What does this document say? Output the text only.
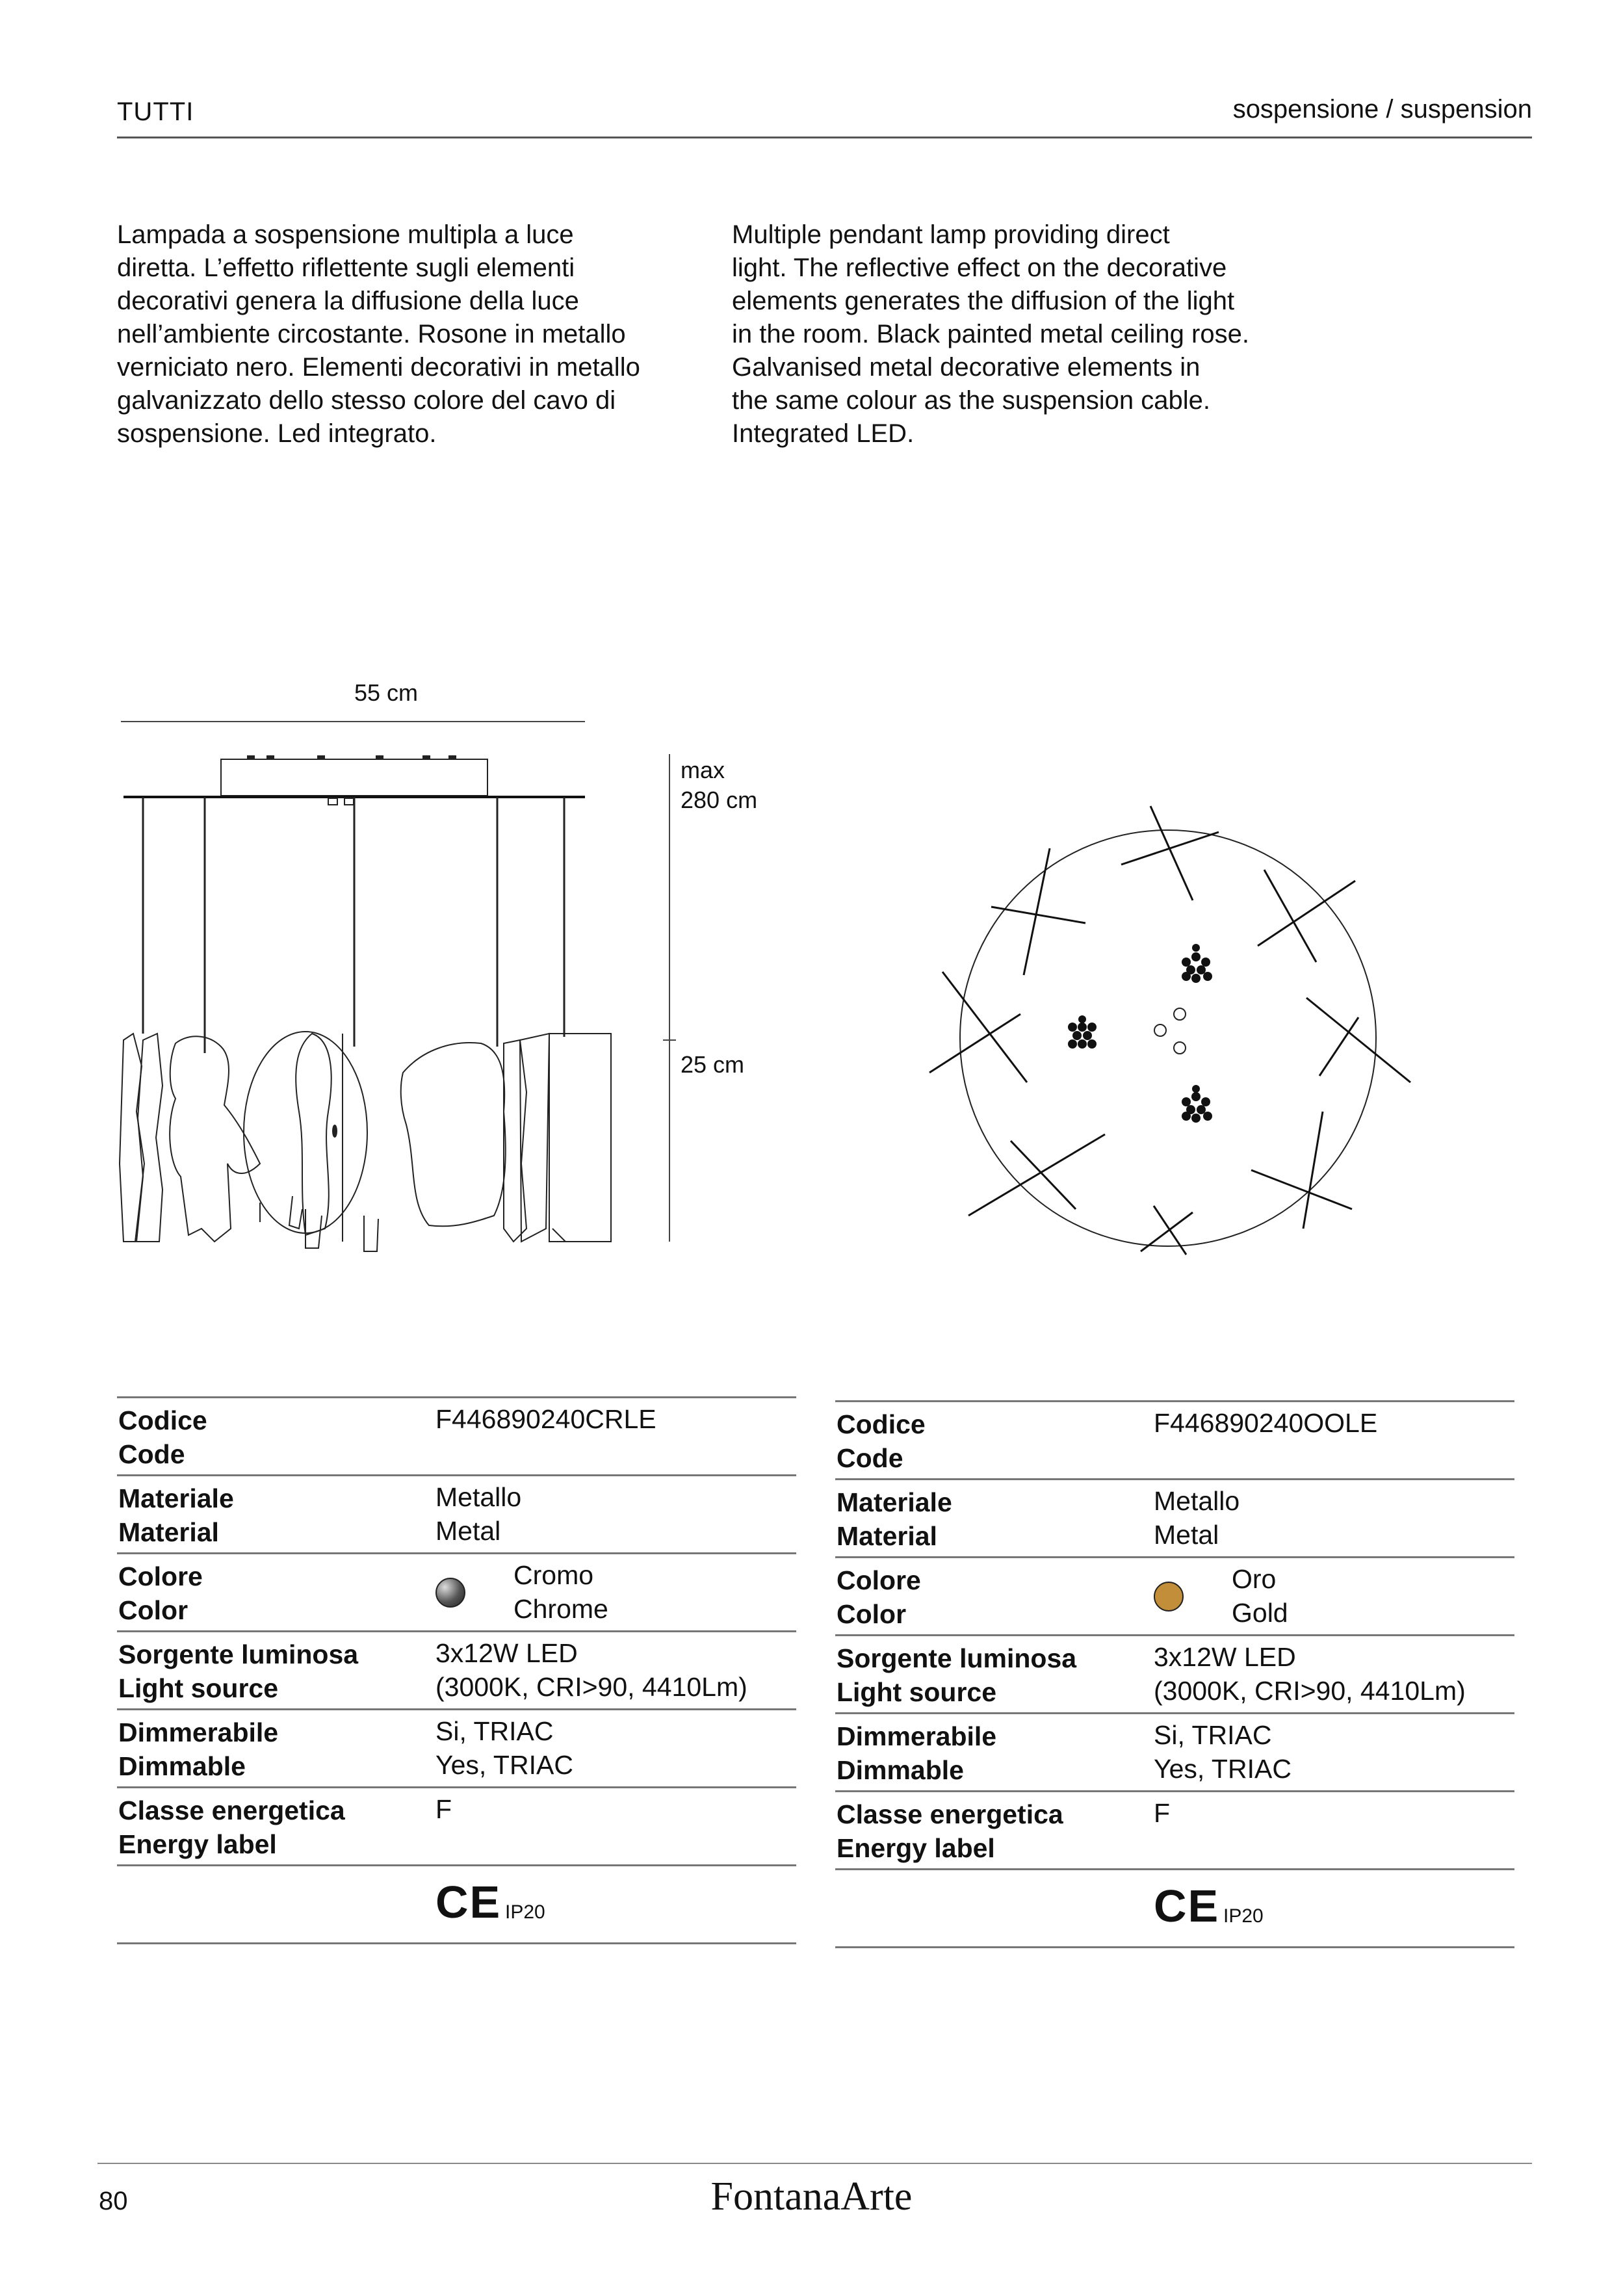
TUTTI	sospensione / suspension
Lampada a sospensione multipla a luce
diretta. L’effetto riflettente sugli elementi
decorativi genera la diffusione della luce
nell’ambiente circostante. Rosone in metallo
verniciato nero. Elementi decorativi in metallo
galvanizzato dello stesso colore del cavo di
sospensione. Led integrato.
Multiple pendant lamp providing direct
light. The reflective effect on the decorative
elements generates the diffusion of the light
in the room. Black painted metal ceiling rose.
Galvanised metal decorative elements in
the same colour as the suspension cable.
Integrated LED.
55 cm
max
280 cm
25 cm
Codice
Code
F446890240CRLE
Materiale
Material
Metallo
Metal
Colore
Color
Cromo
Chrome
Sorgente luminosa
Light source
3x12W LED
(3000K, CRI>90, 4410Lm)
Dimmerabile
Dimmable
Si, TRIAC
Yes, TRIAC
Classe energetica
Energy label
F
CE IP20
Codice
Code
F446890240OOLE
Materiale
Material
Metallo
Metal
Colore
Color
Oro
Gold
Sorgente luminosa
Light source
3x12W LED
(3000K, CRI>90, 4410Lm)
Dimmerabile
Dimmable
Si, TRIAC
Yes, TRIAC
Classe energetica
Energy label
F
CE IP20
80	FontanaArte
